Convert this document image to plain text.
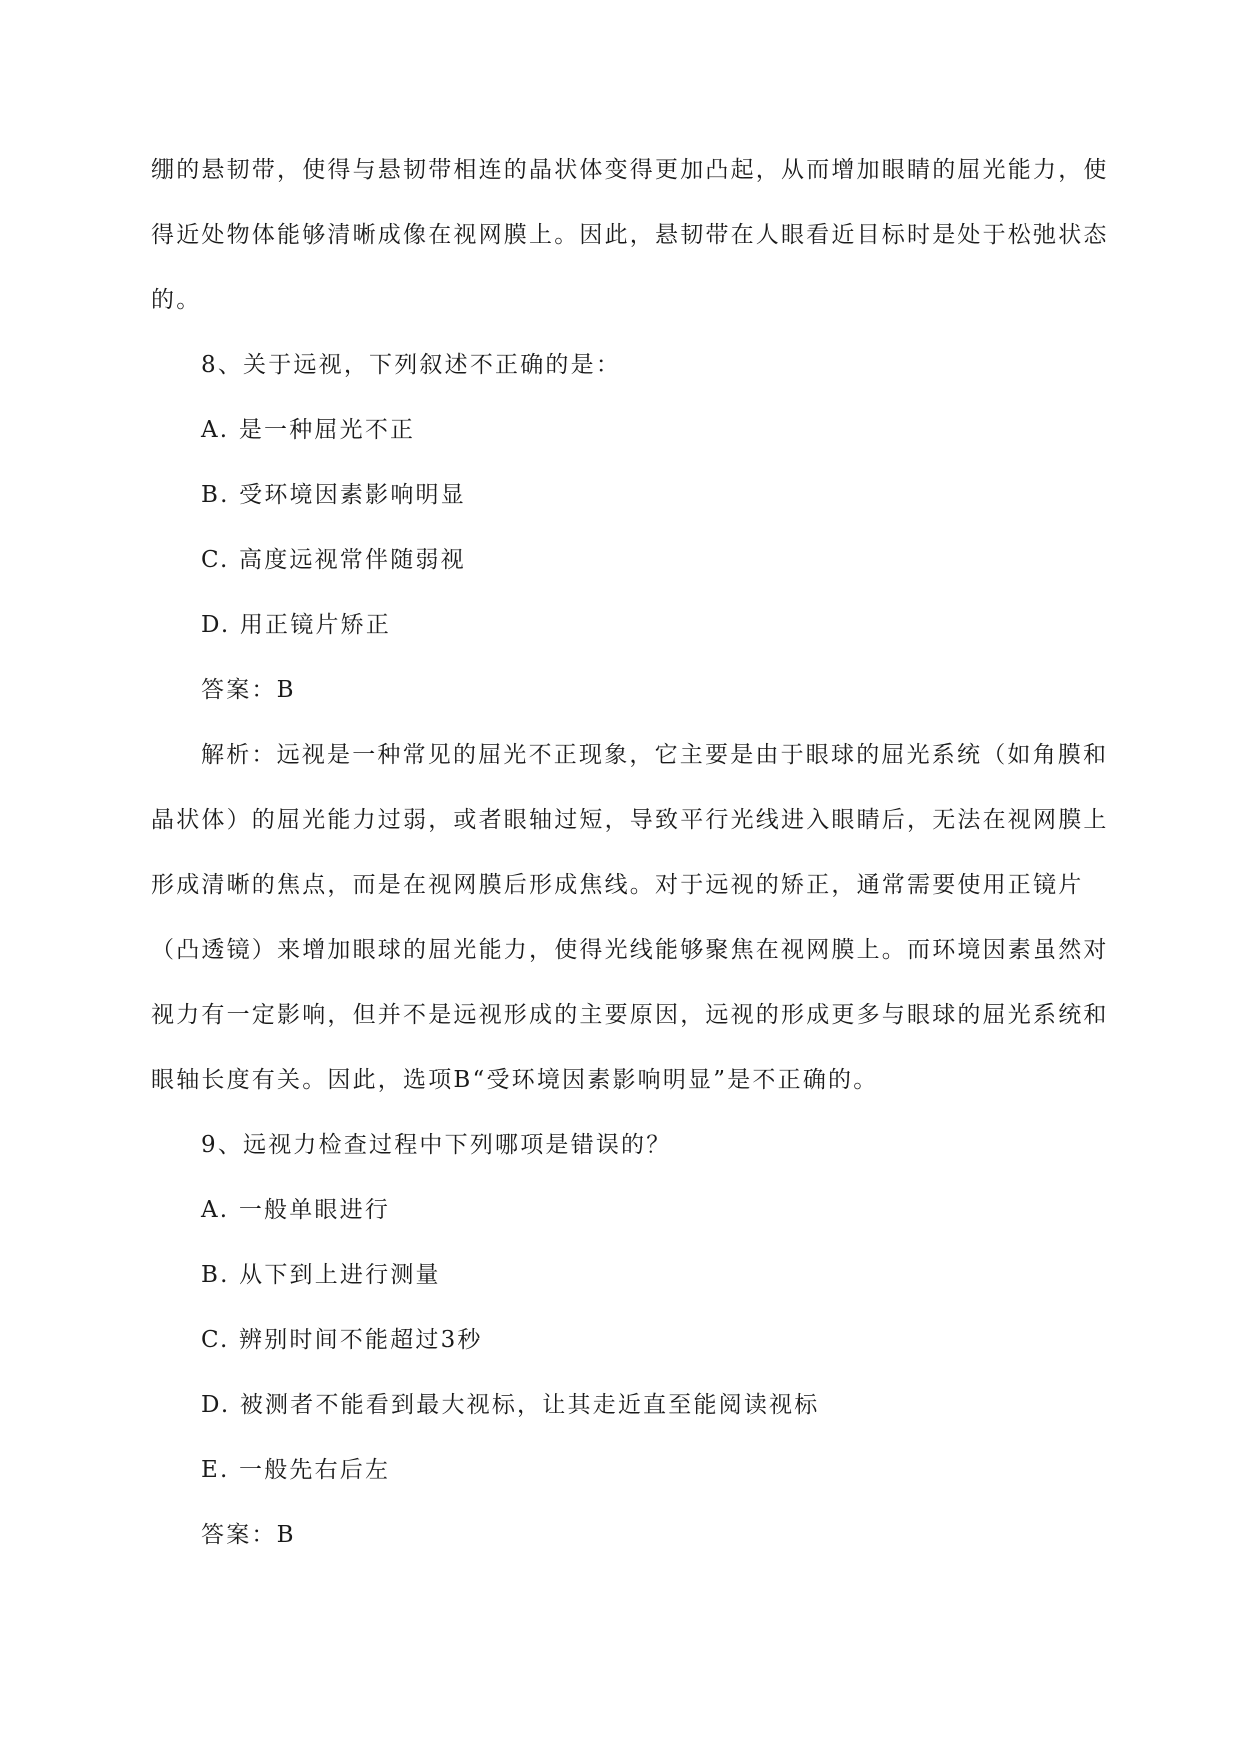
绷的悬韧带，使得与悬韧带相连的晶状体变得更加凸起，从而增加眼睛的屈光能力，使
得近处物体能够清晰成像在视网膜上。因此，悬韧带在人眼看近目标时是处于松弛状态
的。

8、关于远视，下列叙述不正确的是：

A. 是一种屈光不正

B. 受环境因素影响明显

C. 高度远视常伴随弱视

D. 用正镜片矫正

答案：B

解析：远视是一种常见的屈光不正现象，它主要是由于眼球的屈光系统（如角膜和
晶状体）的屈光能力过弱，或者眼轴过短，导致平行光线进入眼睛后，无法在视网膜上
形成清晰的焦点，而是在视网膜后形成焦线。对于远视的矫正，通常需要使用正镜片
（凸透镜）来增加眼球的屈光能力，使得光线能够聚焦在视网膜上。而环境因素虽然对
视力有一定影响，但并不是远视形成的主要原因，远视的形成更多与眼球的屈光系统和
眼轴长度有关。因此，选项B“受环境因素影响明显”是不正确的。

9、远视力检查过程中下列哪项是错误的？

A. 一般单眼进行

B. 从下到上进行测量

C. 辨别时间不能超过3秒

D. 被测者不能看到最大视标，让其走近直至能阅读视标

E. 一般先右后左

答案：B
